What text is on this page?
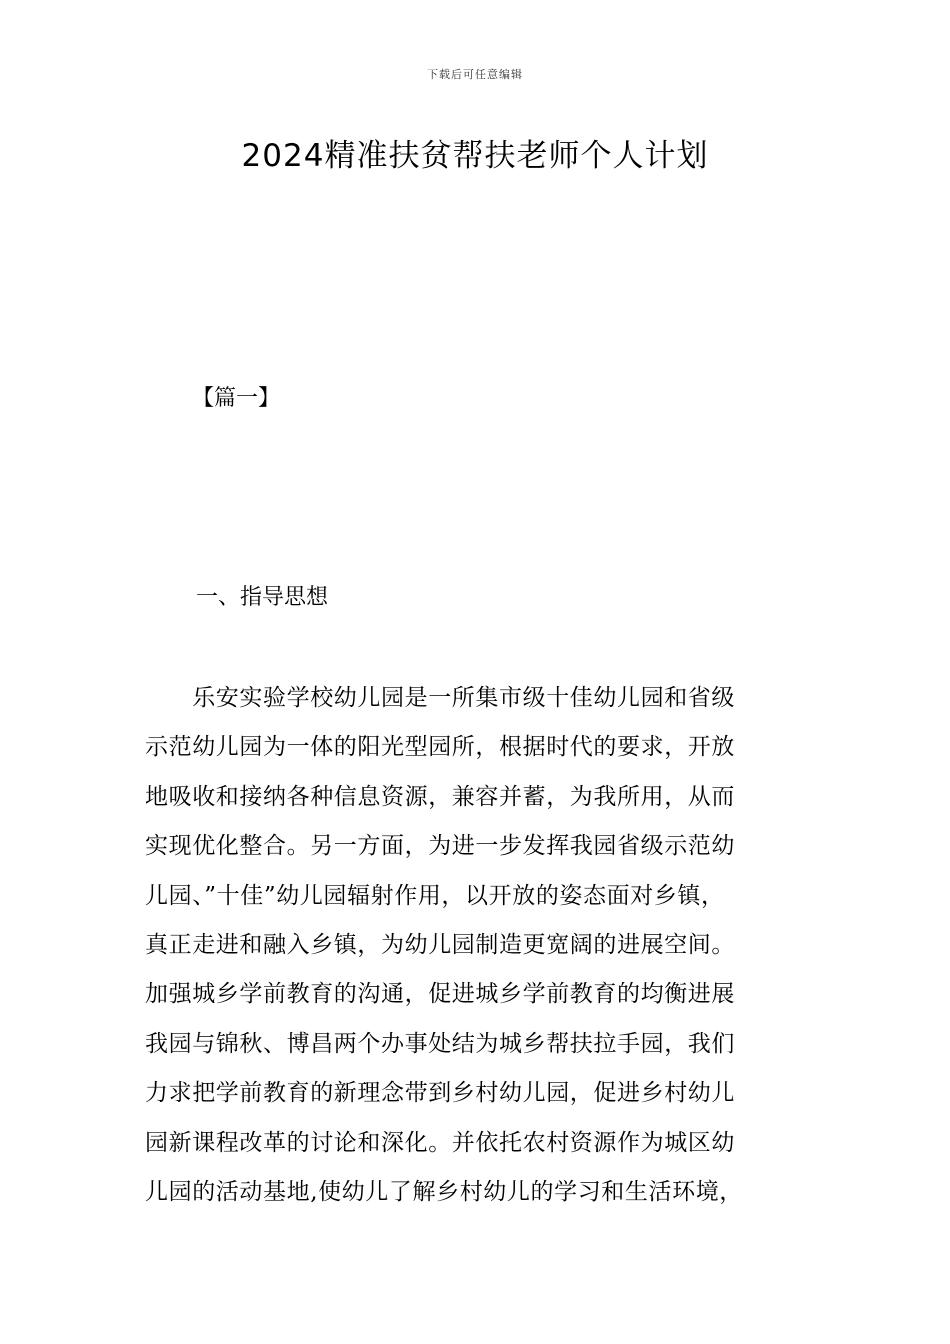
下载后可任意编辑
2024精准扶贫帮扶老师个人计划
【篇一】
一、指导思想
　　乐安实验学校幼儿园是一所集市级十佳幼儿园和省级
示范幼儿园为一体的阳光型园所，根据时代的要求，开放
地吸收和接纳各种信息资源，兼容并蓄，为我所用，从而
实现优化整合。另一方面，为进一步发挥我园省级示范幼
儿园、”十佳”幼儿园辐射作用，以开放的姿态面对乡镇，
真正走进和融入乡镇，为幼儿园制造更宽阔的进展空间。
加强城乡学前教育的沟通，促进城乡学前教育的均衡进展
我园与锦秋、博昌两个办事处结为城乡帮扶拉手园，我们
力求把学前教育的新理念带到乡村幼儿园，促进乡村幼儿
园新课程改革的讨论和深化。并依托农村资源作为城区幼
儿园的活动基地,使幼儿了解乡村幼儿的学习和生活环境，
